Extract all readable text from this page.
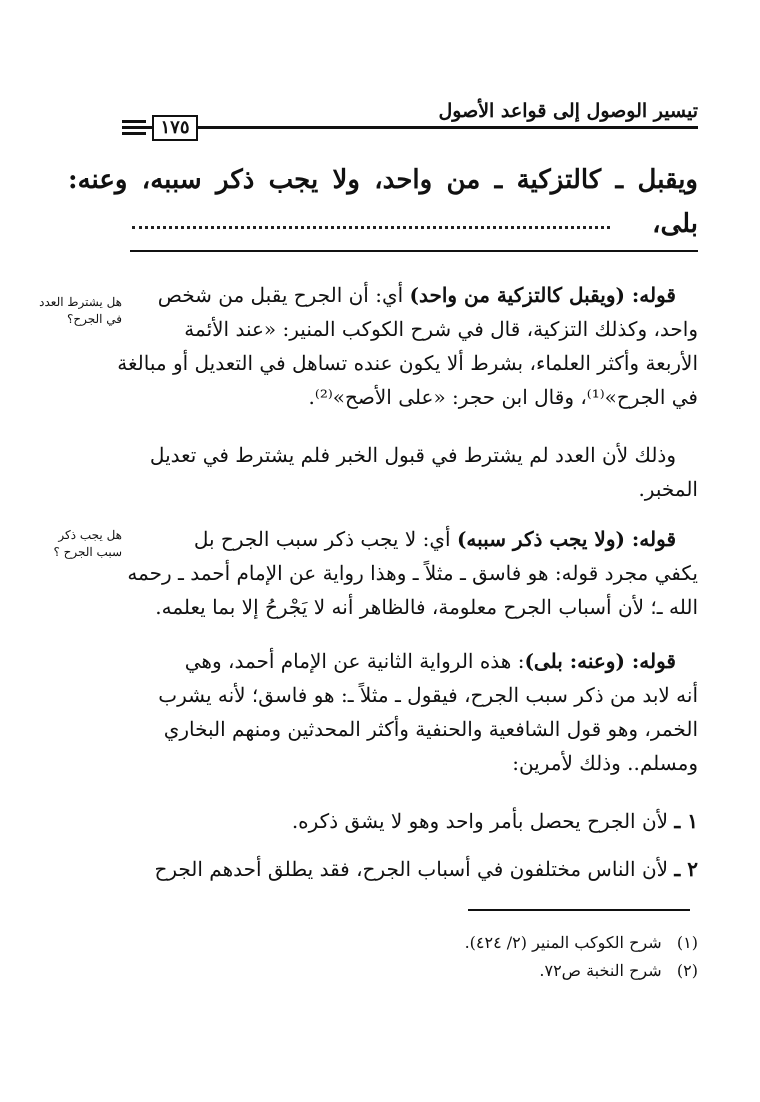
تيسير الوصول إلى قواعد الأصول
١٧٥
ويقبل ـ كالتزكية ـ من واحد، ولا يجب ذكر سببه، وعنه:
بلى،
هل يشترط العدد
في الجرح؟
هل يجب ذكر
سبب الجرح ؟
قوله: (ويقبل كالتزكية من واحد) أي: أن الجرح يقبل من شخص
واحد، وكذلك التزكية، قال في شرح الكوكب المنير: «عند الأئمة
الأربعة وأكثر العلماء، بشرط ألا يكون عنده تساهل في التعديل أو مبالغة
في الجرح»⁽¹⁾، وقال ابن حجر: «على الأصح»⁽²⁾.
وذلك لأن العدد لم يشترط في قبول الخبر فلم يشترط في تعديل
المخبر.
قوله: (ولا يجب ذكر سببه) أي: لا يجب ذكر سبب الجرح بل
يكفي مجرد قوله: هو فاسق ـ مثلاً ـ وهذا رواية عن الإمام أحمد ـ رحمه
الله ـ؛ لأن أسباب الجرح معلومة، فالظاهر أنه لا يَجْرحُ إلا بما يعلمه.
قوله: (وعنه: بلى): هذه الرواية الثانية عن الإمام أحمد، وهي
أنه لابد من ذكر سبب الجرح، فيقول ـ مثلاً ـ: هو فاسق؛ لأنه يشرب
الخمر، وهو قول الشافعية والحنفية وأكثر المحدثين ومنهم البخاري
ومسلم.. وذلك لأمرين:
١ ـ لأن الجرح يحصل بأمر واحد وهو لا يشق ذكره.
٢ ـ لأن الناس مختلفون في أسباب الجرح، فقد يطلق أحدهم الجرح
(١)   شرح الكوكب المنير (٢/ ٤٢٤).
(٢)   شرح النخبة ص٧٢.
